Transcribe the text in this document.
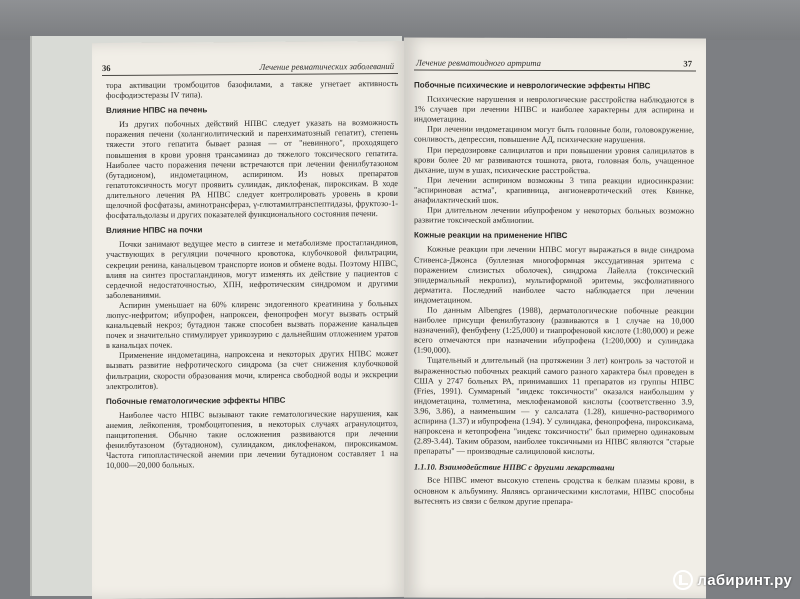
36	Лечение ревматических заболеваний

тора активации тромбоцитов базофилами, а также угнетает активность фосфодиэстеразы IV типа).

Влияние НПВС на печень

Из других побочных действий НПВС следует указать на возможность поражения печени (холангиолитический и паренхиматозный гепатит), степень тяжести этого гепатита бывает разная — от "невинного", проходящего повышения в крови уровня трансаминаз до тяжелого токсического гепатита. Наиболее часто поражения печени встречаются при лечении фенилбутазоном (бутадионом), индометацином, аспирином. Из новых препаратов гепатотоксичность могут проявить сулиндак, диклофенак, пироксикам. В ходе длительного лечения РА НПВС следует контролировать уровень в крови щелочной фосфатазы, аминотрансфераз, γ-глютамилтранспептидазы, фруктозо-1-фосфатальдолазы и других показателей функционального состояния печени.

Влияние НПВС на почки

Почки занимают ведущее место в синтезе и метаболизме простагландинов, участвующих в регуляции почечного кровотока, клубочковой фильтрации, секреции ренина, канальцевом транспорте ионов и обмене воды. Поэтому НПВС, влияя на синтез простагландинов, могут изменять их действие у пациентов с сердечной недостаточностью, ХПН, нефротическим синдромом и другими заболеваниями.

Аспирин уменьшает на 60% клиренс эндогенного креатинина у больных люпус-нефритом; ибупрофен, напроксен, фенопрофен могут вызвать острый канальцевый некроз; бутадион также способен вызвать поражение канальцев почек и значительно стимулирует урикозурию с дальнейшим отложением уратов в канальцах почек.

Применение индометацина, напроксена и некоторых других НПВС может вызвать развитие нефротического синдрома (за счет снижения клубочковой фильтрации, скорости образования мочи, клиренса свободной воды и экскреции электролитов).

Побочные гематологические эффекты НПВС

Наиболее часто НПВС вызывают такие гематологические нарушения, как анемия, лейкопения, тромбоцитопения, в некоторых случаях агранулоцитоз, панцитопения. Обычно такие осложнения развиваются при лечении фенилбутазоном (бутадионом), сулиндаком, диклофенаком, пироксикамом. Частота гипопластической анемии при лечении бутадионом составляет 1 на 10,000—20,000 больных.

Лечение ревматоидного артрита	37

Побочные психические и неврологические эффекты НПВС

Психические нарушения и неврологические расстройства наблюдаются в 1% случаев при лечении НПВС и наиболее характерны для аспирина и индометацина.

При лечении индометацином могут быть головные боли, головокружение, сонливость, депрессия, повышение АД, психические нарушения.

При передозировке салицилатов и при повышении уровня салицилатов в крови более 20 мг развиваются тошнота, рвота, головная боль, учащенное дыхание, шум в ушах, психические расстройства.

При лечении аспирином возможны 3 типа реакции идиосинкразии: "аспириновая астма", крапивница, ангионевротический отек Квинке, анафилактический шок.

При длительном лечении ибупрофеном у некоторых больных возможно развитие токсической амблиопии.

Кожные реакции на применение НПВС

Кожные реакции при лечении НПВС могут выражаться в виде синдрома Стивенса-Джонса (буллезная многоформная экссудативная эритема с поражением слизистых оболочек), синдрома Лайелла (токсический эпидермальный некролиз), мультиформной эритемы, эксфолиативного дерматита. Последний наиболее часто наблюдается при лечении индометацином.

По данным Albengres (1988), дерматологические побочные реакции наиболее присущи фенилбутазону (развиваются в 1 случае на 10,000 назначений), фенбуфену (1:25,000) и тиапрофеновой кислоте (1:80,000) и реже всего отмечаются при назначении ибупрофена (1:200,000) и сулиндака (1:90,000).

Тщательный и длительный (на протяжении 3 лет) контроль за частотой и выраженностью побочных реакций самого разного характера был проведен в США у 2747 больных РА, принимавших 11 препаратов из группы НПВС (Fries, 1991). Суммарный "индекс токсичности" оказался наибольшим у индометацина, толметина, меклофенамовой кислоты (соответственно 3.9, 3.96, 3.86), а наименьшим — у салсалата (1.28), кишечно-растворимого аспирина (1.37) и ибупрофена (1.94). У сулиндака, фенопрофена, пироксикама, напроксена и кетопрофена "индекс токсичности" был примерно одинаковым (2.89-3.44). Таким образом, наиболее токсичными из НПВС являются "старые препараты" — производные салициловой кислоты.

1.1.10. Взаимодействие НПВС с другими лекарствами

Все НПВС имеют высокую степень сродства к белкам плазмы крови, в основном к альбумину. Являясь органическими кислотами, НПВС способны вытеснять из связи с белком другие препара-

лабиринт.ру
